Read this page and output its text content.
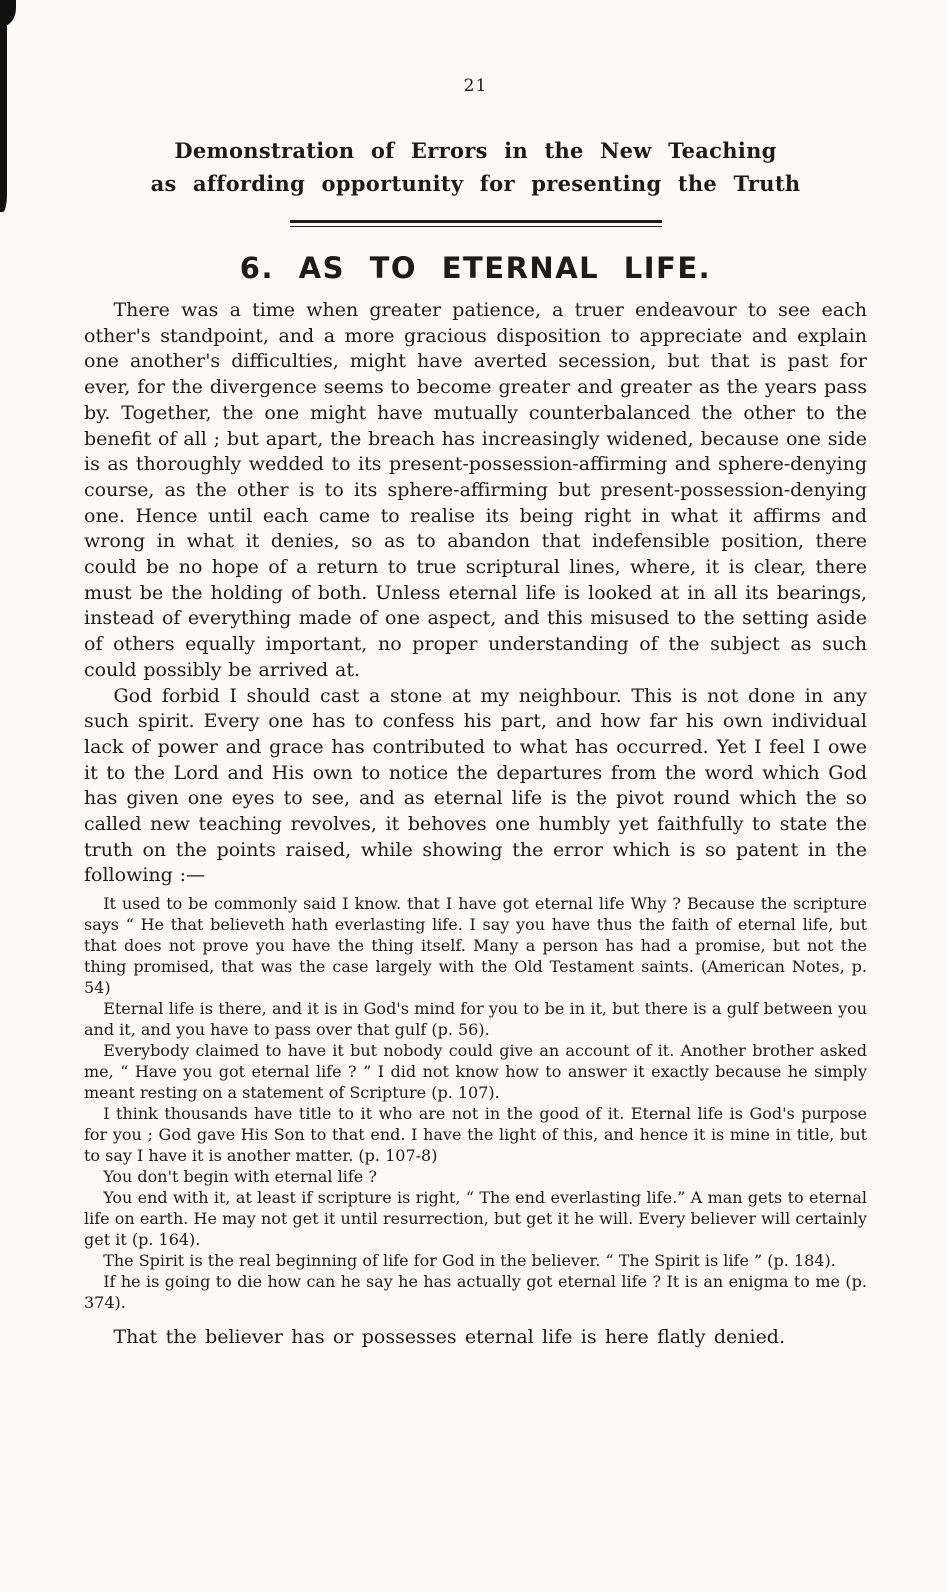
21
Demonstration of Errors in the New Teaching
as affording opportunity for presenting the Truth
6. AS TO ETERNAL LIFE.

There was a time when greater patience, a truer endeavour to see each other's standpoint, and a more gracious disposition to appreciate and explain one another's difficulties, might have averted secession, but that is past for ever, for the divergence seems to become greater and greater as the years pass by. Together, the one might have mutually counterbalanced the other to the benefit of all ; but apart, the breach has increasingly widened, because one side is as thoroughly wedded to its present-possession-affirming and sphere-denying course, as the other is to its sphere-affirming but present-possession-denying one. Hence until each came to realise its being right in what it affirms and wrong in what it denies, so as to abandon that indefensible position, there could be no hope of a return to true scriptural lines, where, it is clear, there must be the holding of both. Unless eternal life is looked at in all its bearings, instead of everything made of one aspect, and this misused to the setting aside of others equally important, no proper understanding of the subject as such could possibly be arrived at.

God forbid I should cast a stone at my neighbour. This is not done in any such spirit. Every one has to confess his part, and how far his own individual lack of power and grace has contributed to what has occurred. Yet I feel I owe it to the Lord and His own to notice the departures from the word which God has given one eyes to see, and as eternal life is the pivot round which the so called new teaching revolves, it behoves one humbly yet faithfully to state the truth on the points raised, while showing the error which is so patent in the following :—

It used to be commonly said I know. that I have got eternal life Why ? Because the scripture says “ He that believeth hath everlasting life. I say you have thus the faith of eternal life, but that does not prove you have the thing itself. Many a person has had a promise, but not the thing promised, that was the case largely with the Old Testament saints. (American Notes, p. 54)

Eternal life is there, and it is in God's mind for you to be in it, but there is a gulf between you and it, and you have to pass over that gulf (p. 56).

Everybody claimed to have it but nobody could give an account of it. Another brother asked me, “ Have you got eternal life ? ” I did not know how to answer it exactly because he simply meant resting on a statement of Scripture (p. 107).

I think thousands have title to it who are not in the good of it. Eternal life is God's purpose for you ; God gave His Son to that end. I have the light of this, and hence it is mine in title, but to say I have it is another matter. (p. 107-8)

You don't begin with eternal life ?

You end with it, at least if scripture is right, “ The end everlasting life.” A man gets to eternal life on earth. He may not get it until resurrection, but get it he will. Every believer will certainly get it (p. 164).

The Spirit is the real beginning of life for God in the believer. “ The Spirit is life ” (p. 184).

If he is going to die how can he say he has actually got eternal life ? It is an enigma to me (p. 374).

That the believer has or possesses eternal life is here flatly denied.
